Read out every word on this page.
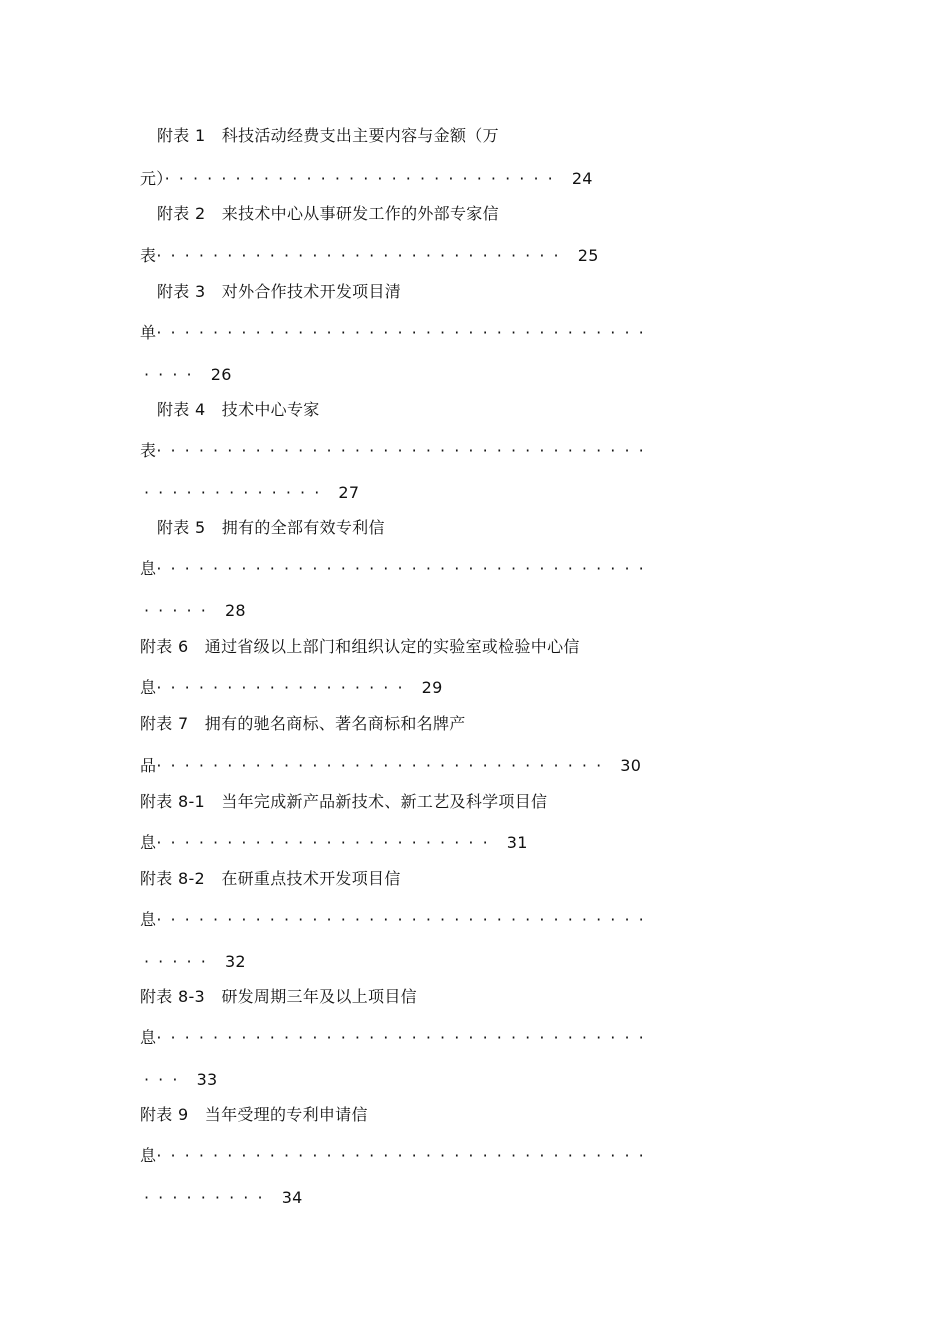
附表 1　科技活动经费支出主要内容与金额（万
元）···························· 24
附表 2　来技术中心从事研发工作的外部专家信
表····························· 25
附表 3　对外合作技术开发项目清
单···································
···· 26
附表 4　技术中心专家
表···································
············· 27
附表 5　拥有的全部有效专利信
息···································
····· 28
附表 6　通过省级以上部门和组织认定的实验室或检验中心信
息·················· 29
附表 7　拥有的驰名商标、著名商标和名牌产
品································ 30
附表 8-1　当年完成新产品新技术、新工艺及科学项目信
息························ 31
附表 8-2　在研重点技术开发项目信
息···································
····· 32
附表 8-3　研发周期三年及以上项目信
息···································
··· 33
附表 9　当年受理的专利申请信
息···································
········· 34
